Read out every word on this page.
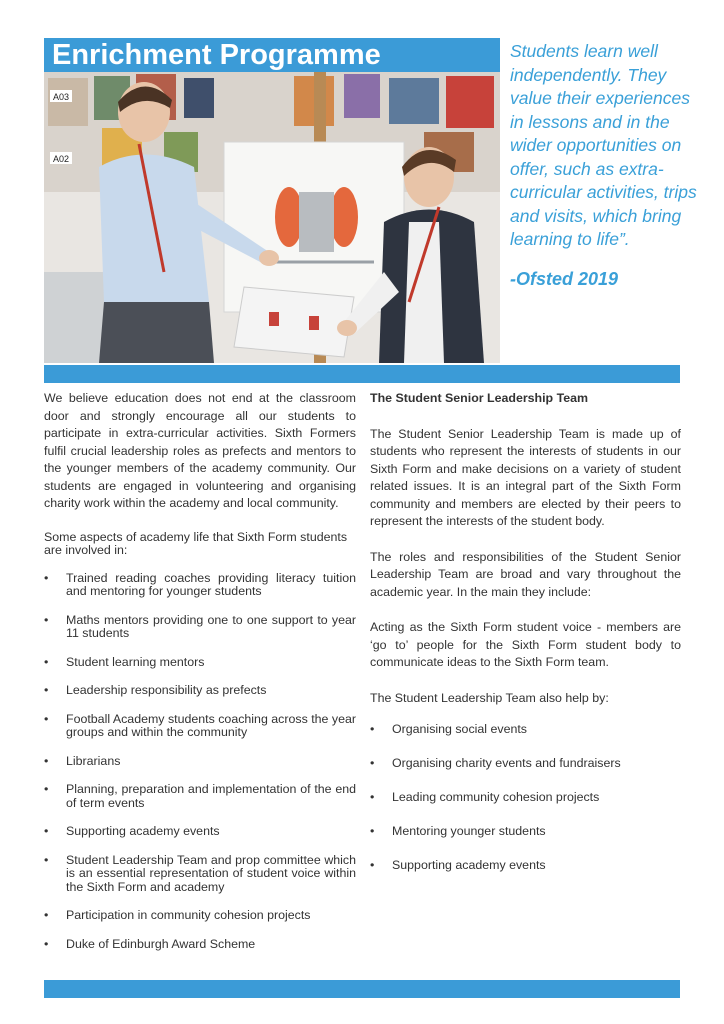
Enrichment Programme
A03
A02
Students learn well independently. They value their experiences in lessons and in the wider opportunities on offer, such as extra-curricular activities, trips and visits, which bring learning to life”.
-Ofsted 2019

We believe education does not end at the classroom door and strongly encourage all our students to participate in extra-curricular activities. Sixth Formers fulfil crucial leadership roles as prefects and mentors to the younger members of the academy community. Our students are engaged in volunteering and organising charity work within the academy and local community.

Some aspects of academy life that Sixth Form students are involved in:

• Trained reading coaches providing literacy tuition and mentoring for younger students
• Maths mentors providing one to one support to year 11 students
• Student learning mentors
• Leadership responsibility as prefects
• Football Academy students coaching across the year groups and within the community
• Librarians
• Planning, preparation and implementation of the end of term events
• Supporting academy events
• Student Leadership Team and prop committee which is an essential representation of student voice within the Sixth Form and academy
• Participation in community cohesion projects
• Duke of Edinburgh Award Scheme

The Student Senior Leadership Team

The Student Senior Leadership Team is made up of students who represent the interests of students in our Sixth Form and make decisions on a variety of student related issues. It is an integral part of the Sixth Form community and members are elected by their peers to represent the interests of the student body.

The roles and responsibilities of the Student Senior Leadership Team are broad and vary throughout the academic year. In the main they include:

Acting as the Sixth Form student voice - members are ‘go to’ people for the Sixth Form student body to communicate ideas to the Sixth Form team.

The Student Leadership Team also help by:

• Organising social events
• Organising charity events and fundraisers
• Leading community cohesion projects
• Mentoring younger students
• Supporting academy events
